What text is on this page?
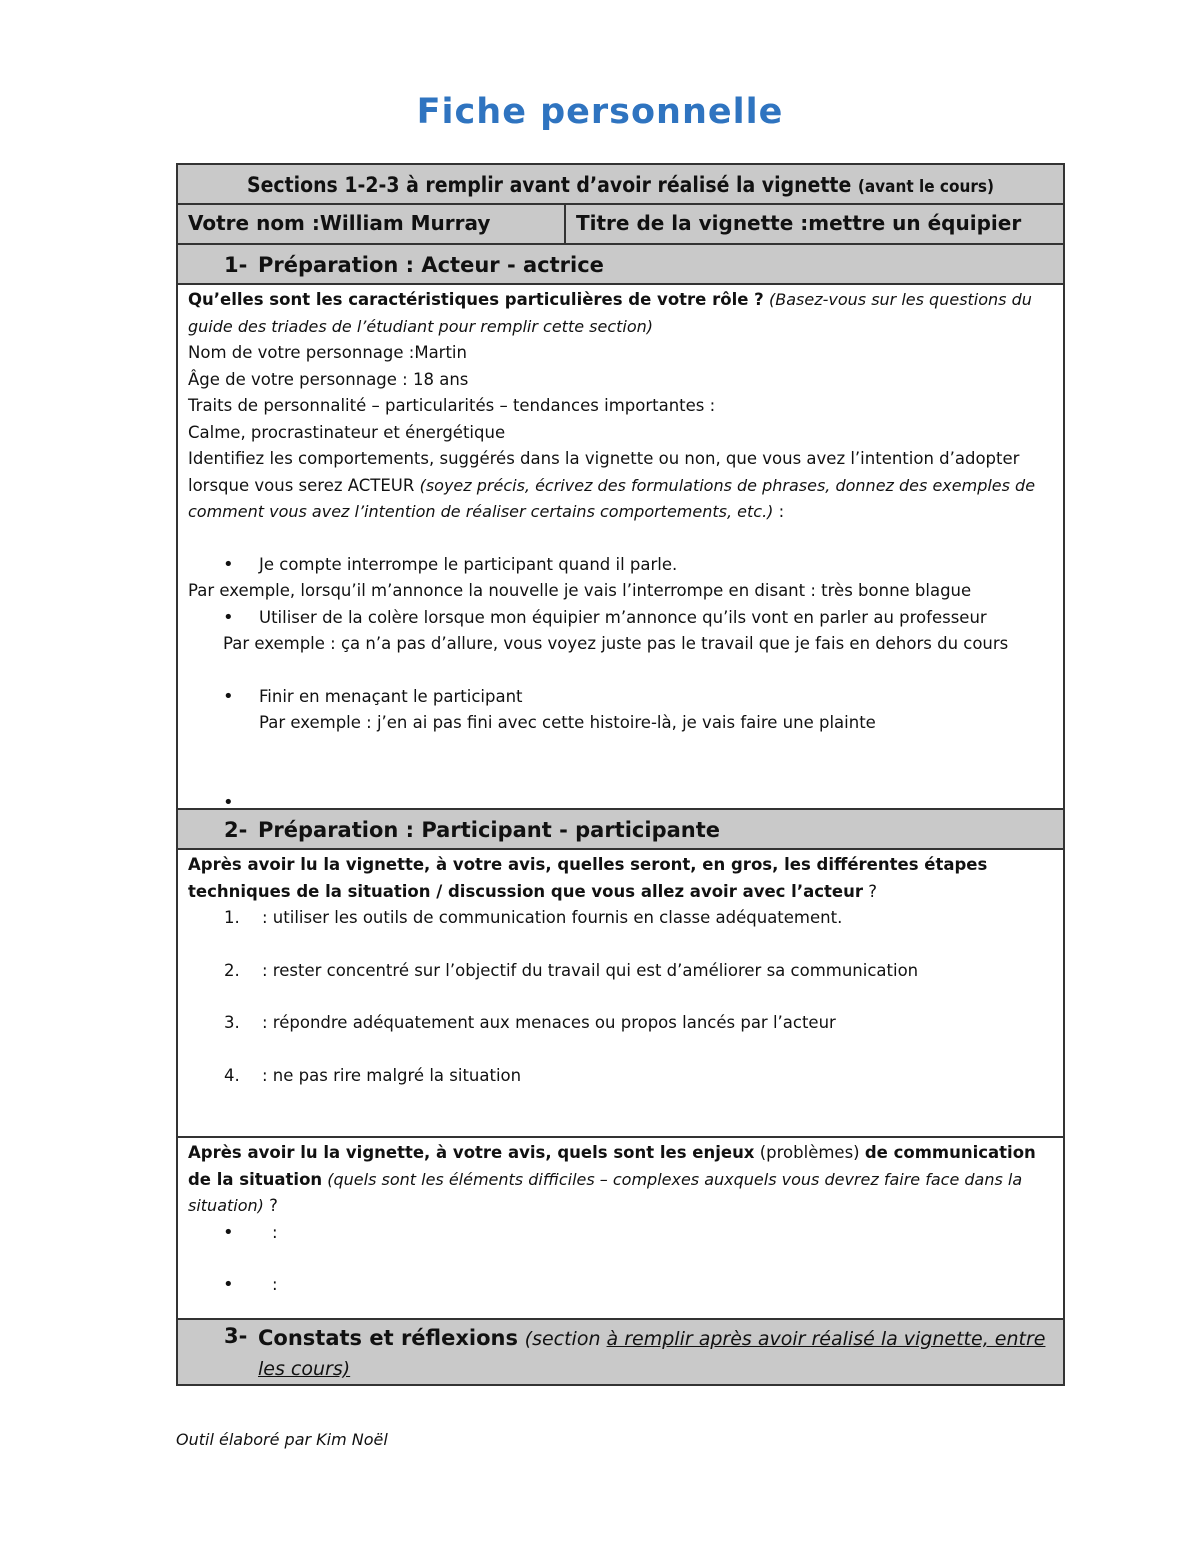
Fiche personnelle
Sections 1-2-3 à remplir avant d’avoir réalisé la vignette (avant le cours)
Votre nom :William Murray	Titre de la vignette :mettre un équipier
1- Préparation : Acteur - actrice
Qu’elles sont les caractéristiques particulières de votre rôle ? (Basez-vous sur les questions du guide des triades de l’étudiant pour remplir cette section)
Nom de votre personnage :Martin
Âge de votre personnage : 18 ans
Traits de personnalité – particularités – tendances importantes :
Calme, procrastinateur et énergétique
Identifiez les comportements, suggérés dans la vignette ou non, que vous avez l’intention d’adopter lorsque vous serez ACTEUR (soyez précis, écrivez des formulations de phrases, donnez des exemples de comment vous avez l’intention de réaliser certains comportements, etc.) :
• Je compte interrompe le participant quand il parle.
Par exemple, lorsqu’il m’annonce la nouvelle je vais l’interrompe en disant : très bonne blague
• Utiliser de la colère lorsque mon équipier m’annonce qu’ils vont en parler au professeur
Par exemple : ça n’a pas d’allure, vous voyez juste pas le travail que je fais en dehors du cours
• Finir en menaçant le participant
Par exemple : j’en ai pas fini avec cette histoire-là, je vais faire une plainte
2- Préparation : Participant - participante
Après avoir lu la vignette, à votre avis, quelles seront, en gros, les différentes étapes techniques de la situation / discussion que vous allez avoir avec l’acteur ?
1. : utiliser les outils de communication fournis en classe adéquatement.
2. : rester concentré sur l’objectif du travail qui est d’améliorer sa communication
3. : répondre adéquatement aux menaces ou propos lancés par l’acteur
4. : ne pas rire malgré la situation
Après avoir lu la vignette, à votre avis, quels sont les enjeux (problèmes) de communication de la situation (quels sont les éléments difficiles – complexes auxquels vous devrez faire face dans la situation) ?
• :
• :
3- Constats et réflexions (section à remplir après avoir réalisé la vignette, entre les cours)
Outil élaboré par Kim Noël
